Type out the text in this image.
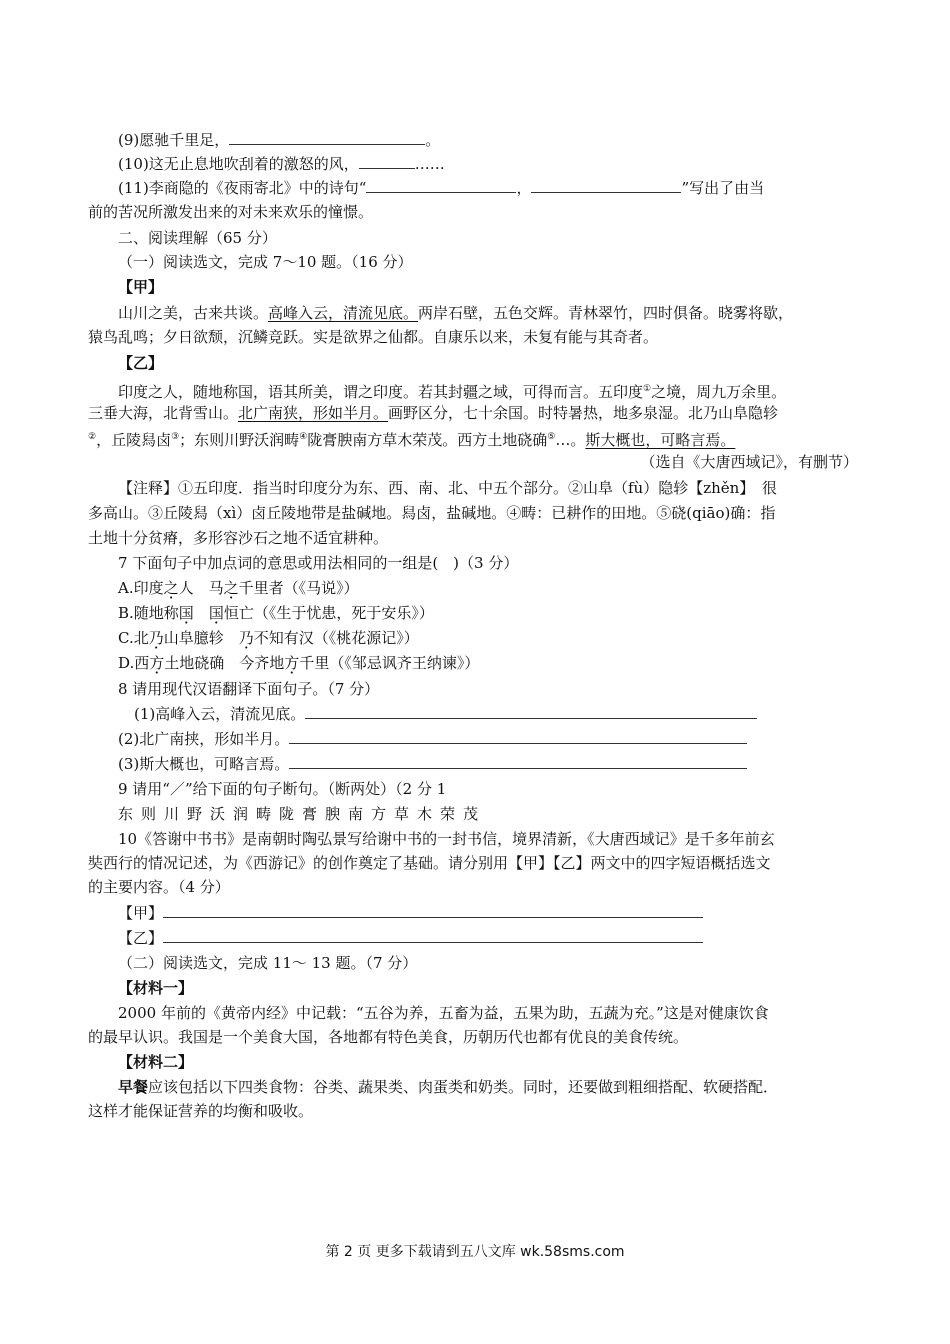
(9)愿驰千里足，	。
(10)这无止息地吹刮着的激怒的风，	……
(11)李商隐的《夜雨寄北》中的诗句“	，	”写出了由当
前的苦况所激发出来的对未来欢乐的憧憬。
二、阅读理解（65 分）
（一）阅读选文，完成 7～10 题。（16 分）
【甲】
山川之美，古来共谈。高峰入云，清流见底。两岸石壁，五色交辉。青林翠竹，四时俱备。晓雾将歇，
猿鸟乱鸣；夕日欲颓，沉鳞竞跃。实是欲界之仙都。自康乐以来，未复有能与其奇者。
【乙】
印度之人，随地称国，语其所美，谓之印度。若其封疆之域，可得而言。五印度①之境，周九万余里。
三垂大海，北背雪山。北广南狭，形如半月。画野区分，七十余国。时特暑热，地多泉湿。北乃山阜隐轸
②，丘陵舄卤③；东则川野沃润畴④陇膏腴南方草木荣茂。西方土地硗确⑤…。斯大概也，可略言焉。
（选自《大唐西域记》，有删节）
【注释】①五印度．指当时印度分为东、西、南、北、中五个部分。②山阜（fù）隐轸【zhěn】　很
多高山。③丘陵舄（xì）卤丘陵地带是盐碱地。舄卤，盐碱地。④畴：已耕作的田地。⑤硗(qiāo)确：指
土地十分贫瘠，多形容沙石之地不适宜耕种。
7 下面句子中加点词的意思或用法相同的一组是(　)（3 分）
A.印度之人　马之千里者（《马说》）
B.随地称国　 国恒亡（《生于忧患，死于安乐》）
C.北乃山阜臆轸　乃不知有汉（《桃花源记》）
D.西方土地硗确　今齐地方千里（《邹忌讽齐王纳谏》）
8 请用现代汉语翻译下面句子。（7 分）
(1)高峰入云，清流见底。
(2)北广南挟，形如半月。
(3)斯大概也，可略言焉。
9 请用“／”给下面的句子断句。（断两处）（2 分 1
东则川野沃润畴陇膏腴南方草木荣茂
10《答谢中书书》是南朝时陶弘景写给谢中书的一封书信，境界清新，《大唐西域记》是千多年前玄
奘西行的情况记述，为《西游记》的创作奠定了基础。请分别用【甲】【乙】两文中的四字短语概括选文
的主要内容。（4 分）
【甲】
【乙】
（二）阅读选文，完成 11～ 13 题。（7 分）
【材料一】
2000 年前的《黄帝内经》中记载：“五谷为养，五畜为益，五果为助，五蔬为充。”这是对健康饮食
的最早认识。我国是一个美食大国，各地都有特色美食，历朝历代也都有优良的美食传统。
【材料二】
早餐应该包括以下四类食物：谷类、蔬果类、肉蛋类和奶类。同时，还要做到粗细搭配、软硬搭配．
这样才能保证营养的均衡和吸收。
第 2 页 更多下载请到五八文库 wk.58sms.com
